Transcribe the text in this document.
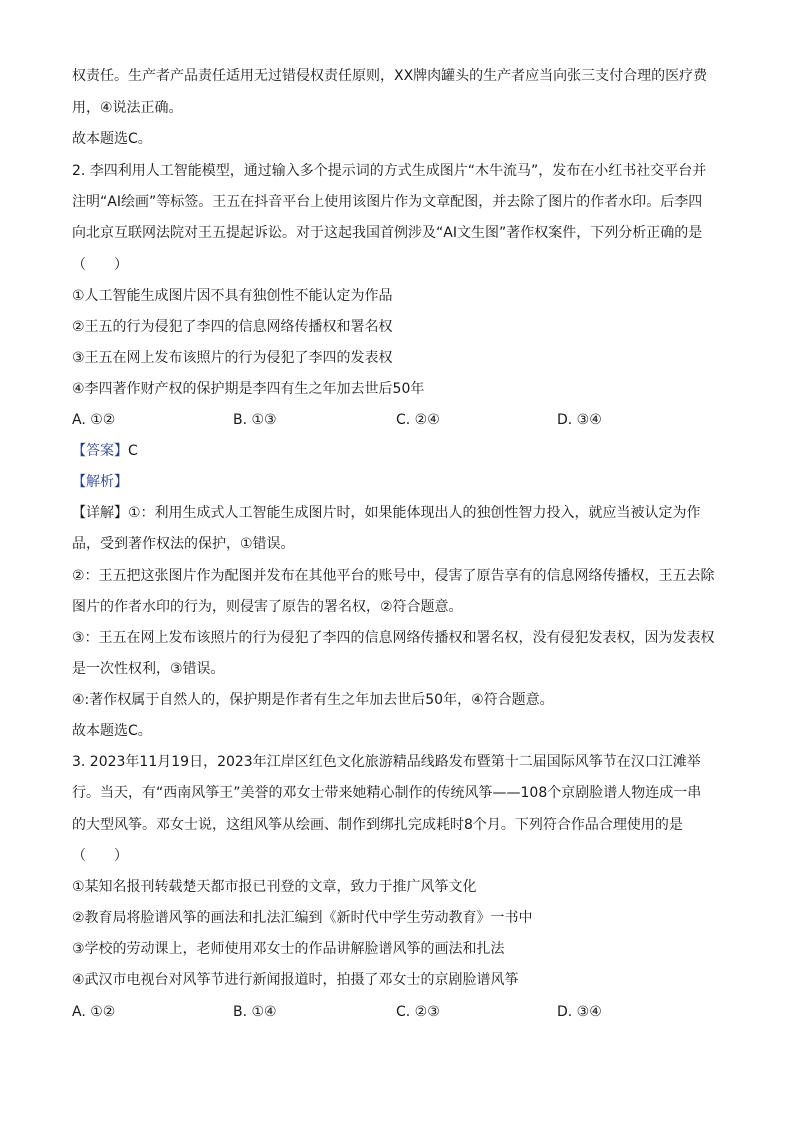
权责任。生产者产品责任适用无过错侵权责任原则，XX牌肉罐头的生产者应当向张三支付合理的医疗费
用，④说法正确。
故本题选C。
2. 李四利用人工智能模型，通过输入多个提示词的方式生成图片“木牛流马”，发布在小红书社交平台并
注明“AI绘画”等标签。王五在抖音平台上使用该图片作为文章配图，并去除了图片的作者水印。后李四
向北京互联网法院对王五提起诉讼。对于这起我国首例涉及“AI文生图”著作权案件，下列分析正确的是
（　　）
①人工智能生成图片因不具有独创性不能认定为作品
②王五的行为侵犯了李四的信息网络传播权和署名权
③王五在网上发布该照片的行为侵犯了李四的发表权
④李四著作财产权的保护期是李四有生之年加去世后50年
A. ①②	B. ①③	C. ②④	D. ③④
【答案】C
【解析】
【详解】①：利用生成式人工智能生成图片时，如果能体现出人的独创性智力投入，就应当被认定为作
品，受到著作权法的保护，①错误。
②：王五把这张图片作为配图并发布在其他平台的账号中，侵害了原告享有的信息网络传播权，王五去除
图片的作者水印的行为，则侵害了原告的署名权，②符合题意。
③：王五在网上发布该照片的行为侵犯了李四的信息网络传播权和署名权，没有侵犯发表权，因为发表权
是一次性权利，③错误。
④:著作权属于自然人的，保护期是作者有生之年加去世后50年，④符合题意。
故本题选C。
3. 2023年11月19日，2023年江岸区红色文化旅游精品线路发布暨第十二届国际风筝节在汉口江滩举
行。当天，有“西南风筝王”美誉的邓女士带来她精心制作的传统风筝——108个京剧脸谱人物连成一串
的大型风筝。邓女士说，这组风筝从绘画、制作到绑扎完成耗时8个月。下列符合作品合理使用的是
（　　）
①某知名报刊转载楚天都市报已刊登的文章，致力于推广风筝文化
②教育局将脸谱风筝的画法和扎法汇编到《新时代中学生劳动教育》一书中
③学校的劳动课上，老师使用邓女士的作品讲解脸谱风筝的画法和扎法
④武汉市电视台对风筝节进行新闻报道时，拍摄了邓女士的京剧脸谱风筝
A. ①②	B. ①④	C. ②③	D. ③④
